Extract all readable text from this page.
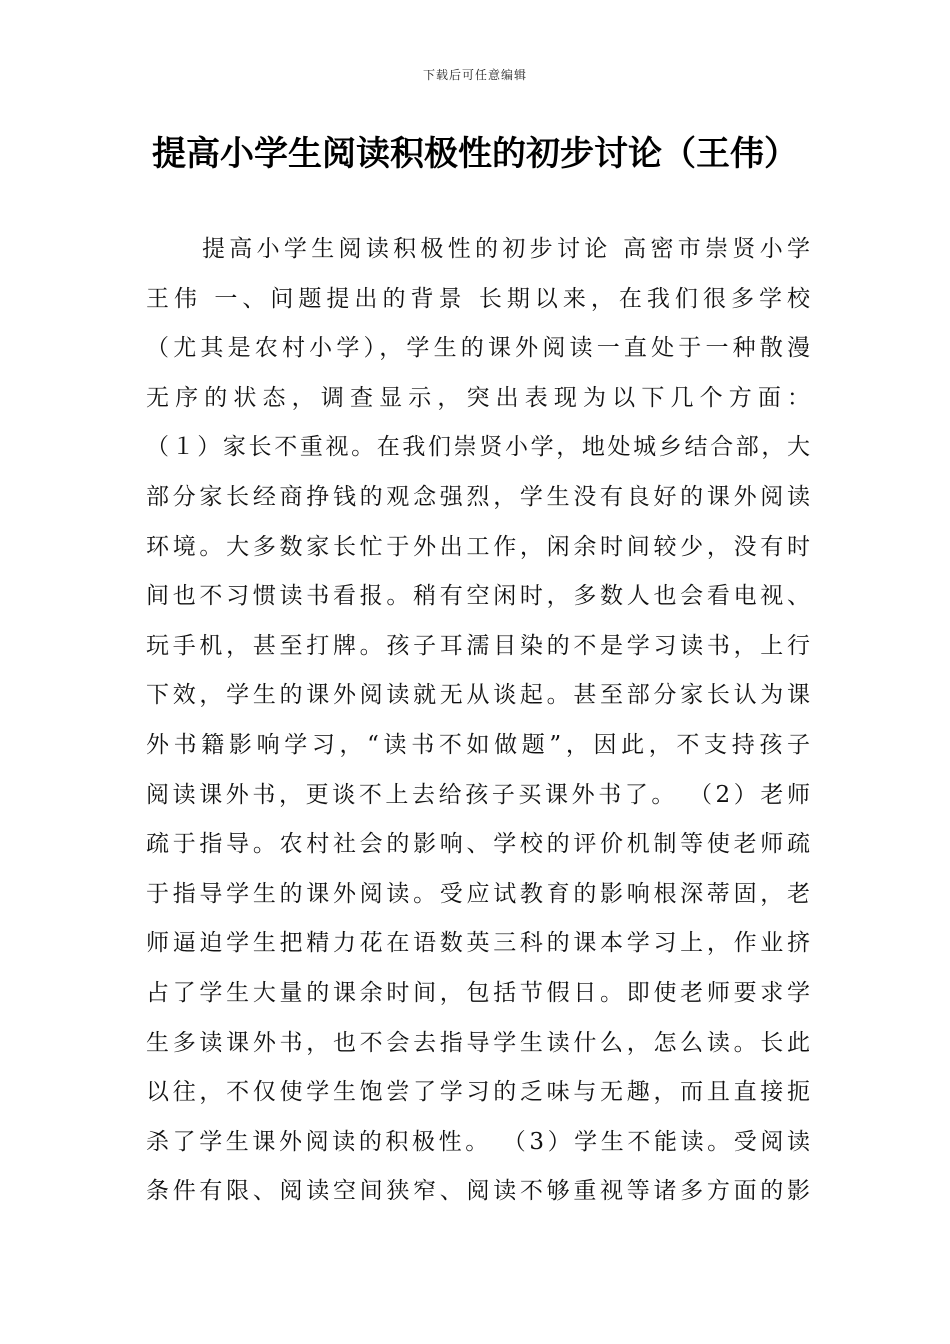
下载后可任意编辑
提高小学生阅读积极性的初步讨论（王伟）
提高小学生阅读积极性的初步讨论 高密市崇贤小学
王伟 一、问题提出的背景 长期以来，在我们很多学校
（尤其是农村小学），学生的课外阅读一直处于一种散漫
无序的状态，调查显示，突出表现为以下几个方面：
（１）家长不重视。在我们崇贤小学，地处城乡结合部，大
部分家长经商挣钱的观念强烈，学生没有良好的课外阅读
环境。大多数家长忙于外出工作，闲余时间较少，没有时
间也不习惯读书看报。稍有空闲时，多数人也会看电视、
玩手机，甚至打牌。孩子耳濡目染的不是学习读书，上行
下效，学生的课外阅读就无从谈起。甚至部分家长认为课
外书籍影响学习，“读书不如做题”，因此，不支持孩子
阅读课外书，更谈不上去给孩子买课外书了。 （2）老师
疏于指导。农村社会的影响、学校的评价机制等使老师疏
于指导学生的课外阅读。受应试教育的影响根深蒂固，老
师逼迫学生把精力花在语数英三科的课本学习上，作业挤
占了学生大量的课余时间，包括节假日。即使老师要求学
生多读课外书，也不会去指导学生读什么，怎么读。长此
以往，不仅使学生饱尝了学习的乏味与无趣，而且直接扼
杀了学生课外阅读的积极性。 （3）学生不能读。受阅读
条件有限、阅读空间狭窄、阅读不够重视等诸多方面的影
